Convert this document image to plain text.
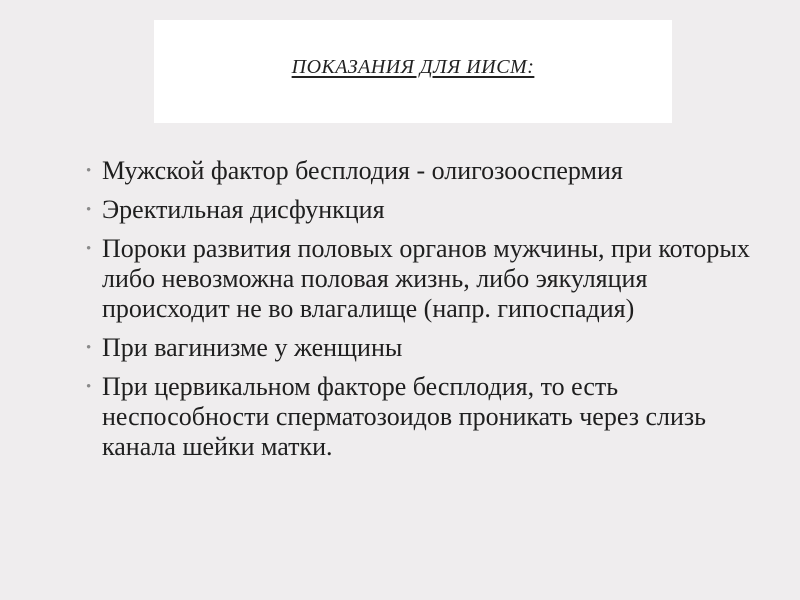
ПОКАЗАНИЯ ДЛЯ ИИСМ:
• Мужской фактор бесплодия - олигозооспермия
• Эректильная дисфункция
• Пороки развития половых органов мужчины, при которых либо невозможна половая жизнь, либо эякуляция происходит не во влагалище (напр. гипоспадия)
• При вагинизме у женщины
• При цервикальном факторе бесплодия, то есть неспособности сперматозоидов проникать через слизь канала шейки матки.
